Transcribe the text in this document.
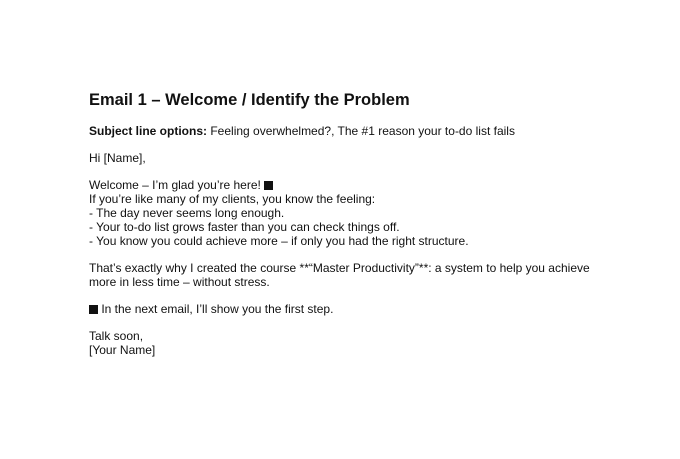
Email 1 – Welcome / Identify the Problem
Subject line options: Feeling overwhelmed?, The #1 reason your to-do list fails
Hi [Name],
Welcome – I’m glad you’re here!
If you’re like many of my clients, you know the feeling:
- The day never seems long enough.
- Your to-do list grows faster than you can check things off.
- You know you could achieve more – if only you had the right structure.
That’s exactly why I created the course **“Master Productivity”**: a system to help you achieve
more in less time – without stress.
In the next email, I’ll show you the first step.
Talk soon,
[Your Name]
